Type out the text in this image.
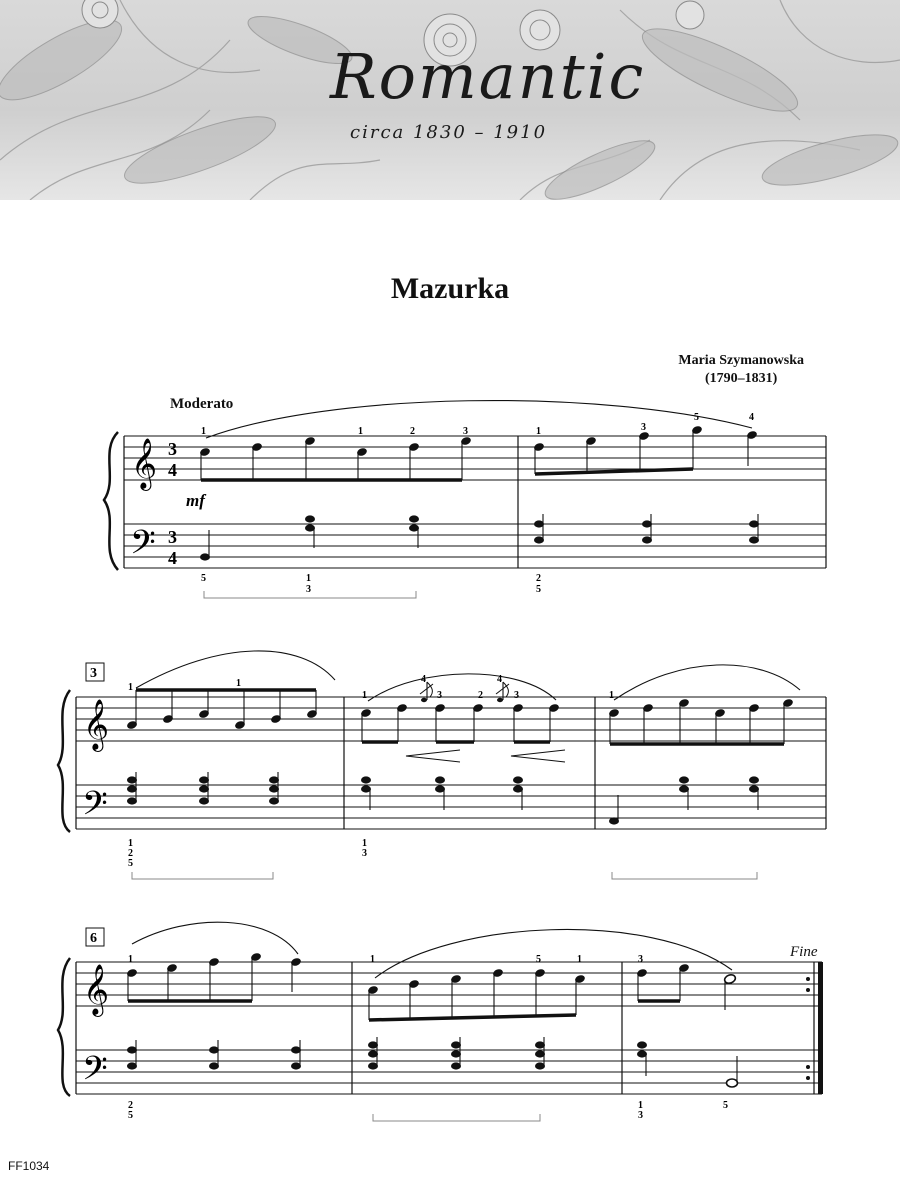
Romantic
circa 1830 – 1910
Mazurka
Maria Szymanowska
(1790–1831)
Moderato
Fine
FF1034
𝄞
𝄢
3
4
3
4
mf
1	1	2	3	1	3
5	4
5	1
3
2
5
3
𝄞
𝄢
1	1
1
4
3	2
4
3	1
1
2
5
1
3
6
𝄞
𝄢
1	1	5	1	3
2
5
1
3
5
